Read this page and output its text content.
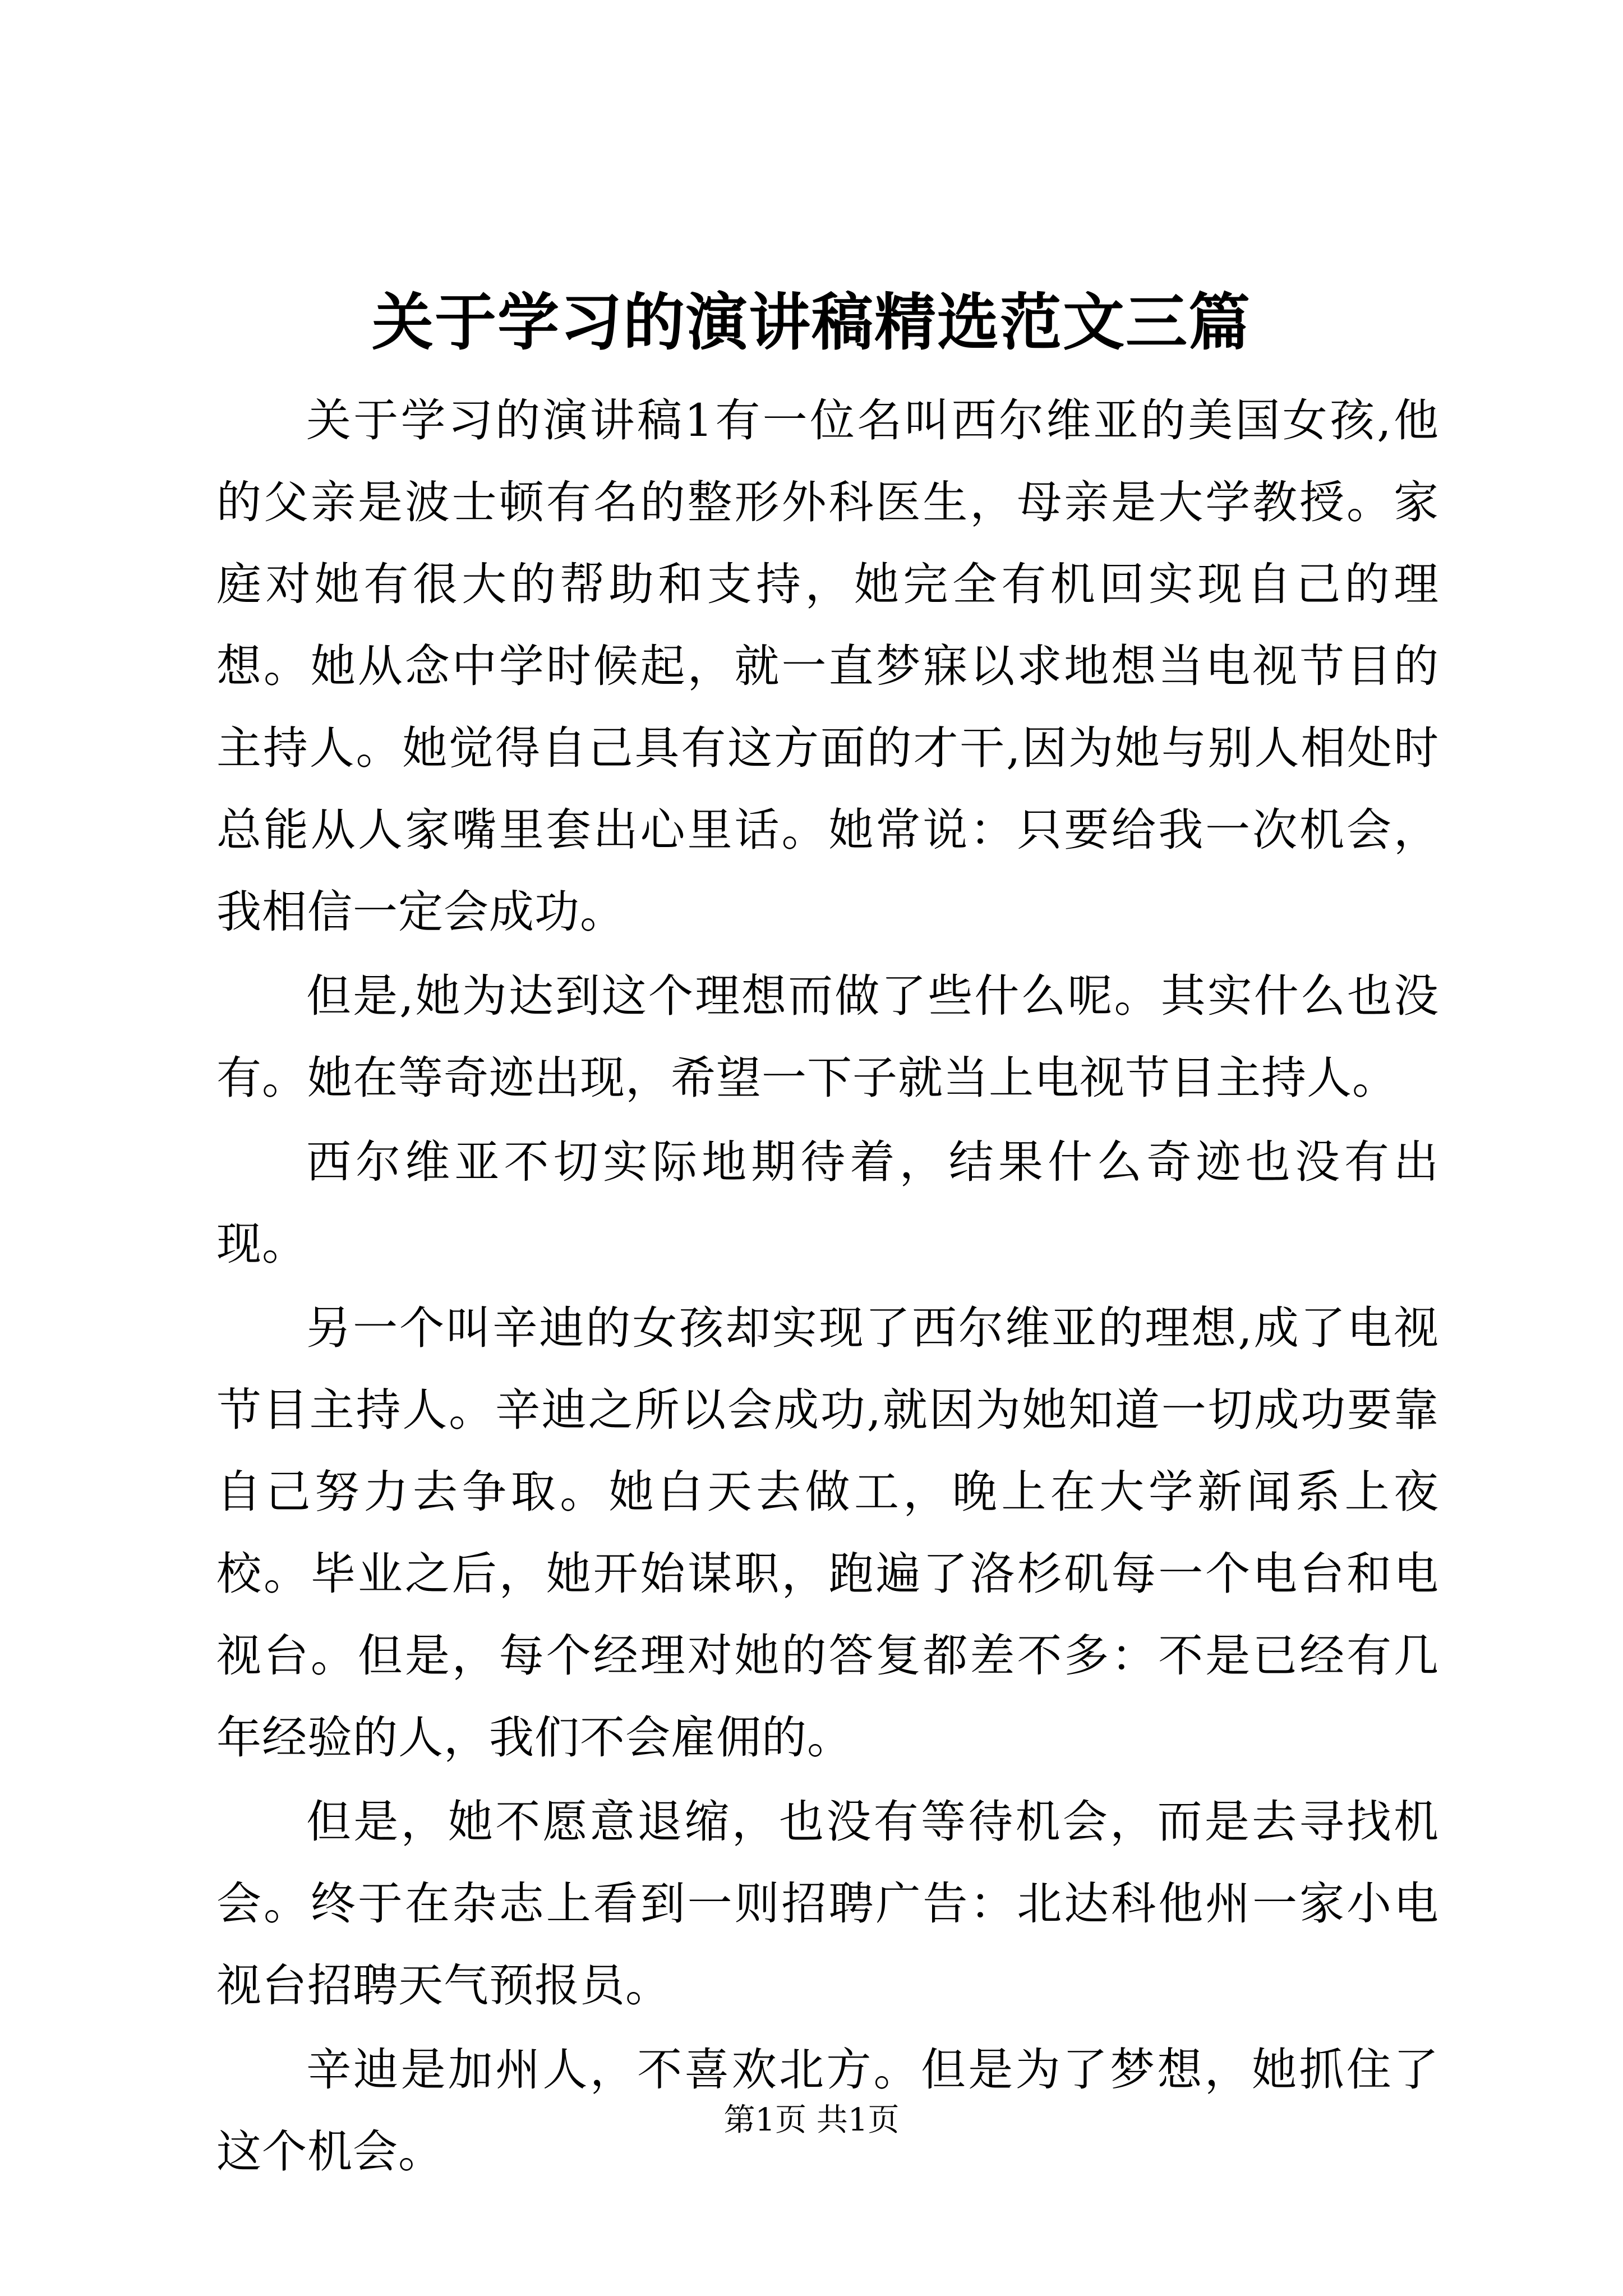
关于学习的演讲稿精选范文三篇

关于学习的演讲稿1有一位名叫西尔维亚的美国女孩,他的父亲是波士顿有名的整形外科医生，母亲是大学教授。家庭对她有很大的帮助和支持，她完全有机回实现自己的理想。她从念中学时候起，就一直梦寐以求地想当电视节目的主持人。她觉得自己具有这方面的才干,因为她与别人相处时总能从人家嘴里套出心里话。她常说：只要给我一次机会，我相信一定会成功。

但是,她为达到这个理想而做了些什么呢。其实什么也没有。她在等奇迹出现，希望一下子就当上电视节目主持人。

西尔维亚不切实际地期待着，结果什么奇迹也没有出现。

另一个叫辛迪的女孩却实现了西尔维亚的理想,成了电视节目主持人。辛迪之所以会成功,就因为她知道一切成功要靠自己努力去争取。她白天去做工，晚上在大学新闻系上夜校。毕业之后，她开始谋职，跑遍了洛杉矶每一个电台和电视台。但是，每个经理对她的答复都差不多：不是已经有几年经验的人，我们不会雇佣的。

但是，她不愿意退缩，也没有等待机会，而是去寻找机会。终于在杂志上看到一则招聘广告：北达科他州一家小电视台招聘天气预报员。

辛迪是加州人，不喜欢北方。但是为了梦想，她抓住了这个机会。

第1页 共1页
